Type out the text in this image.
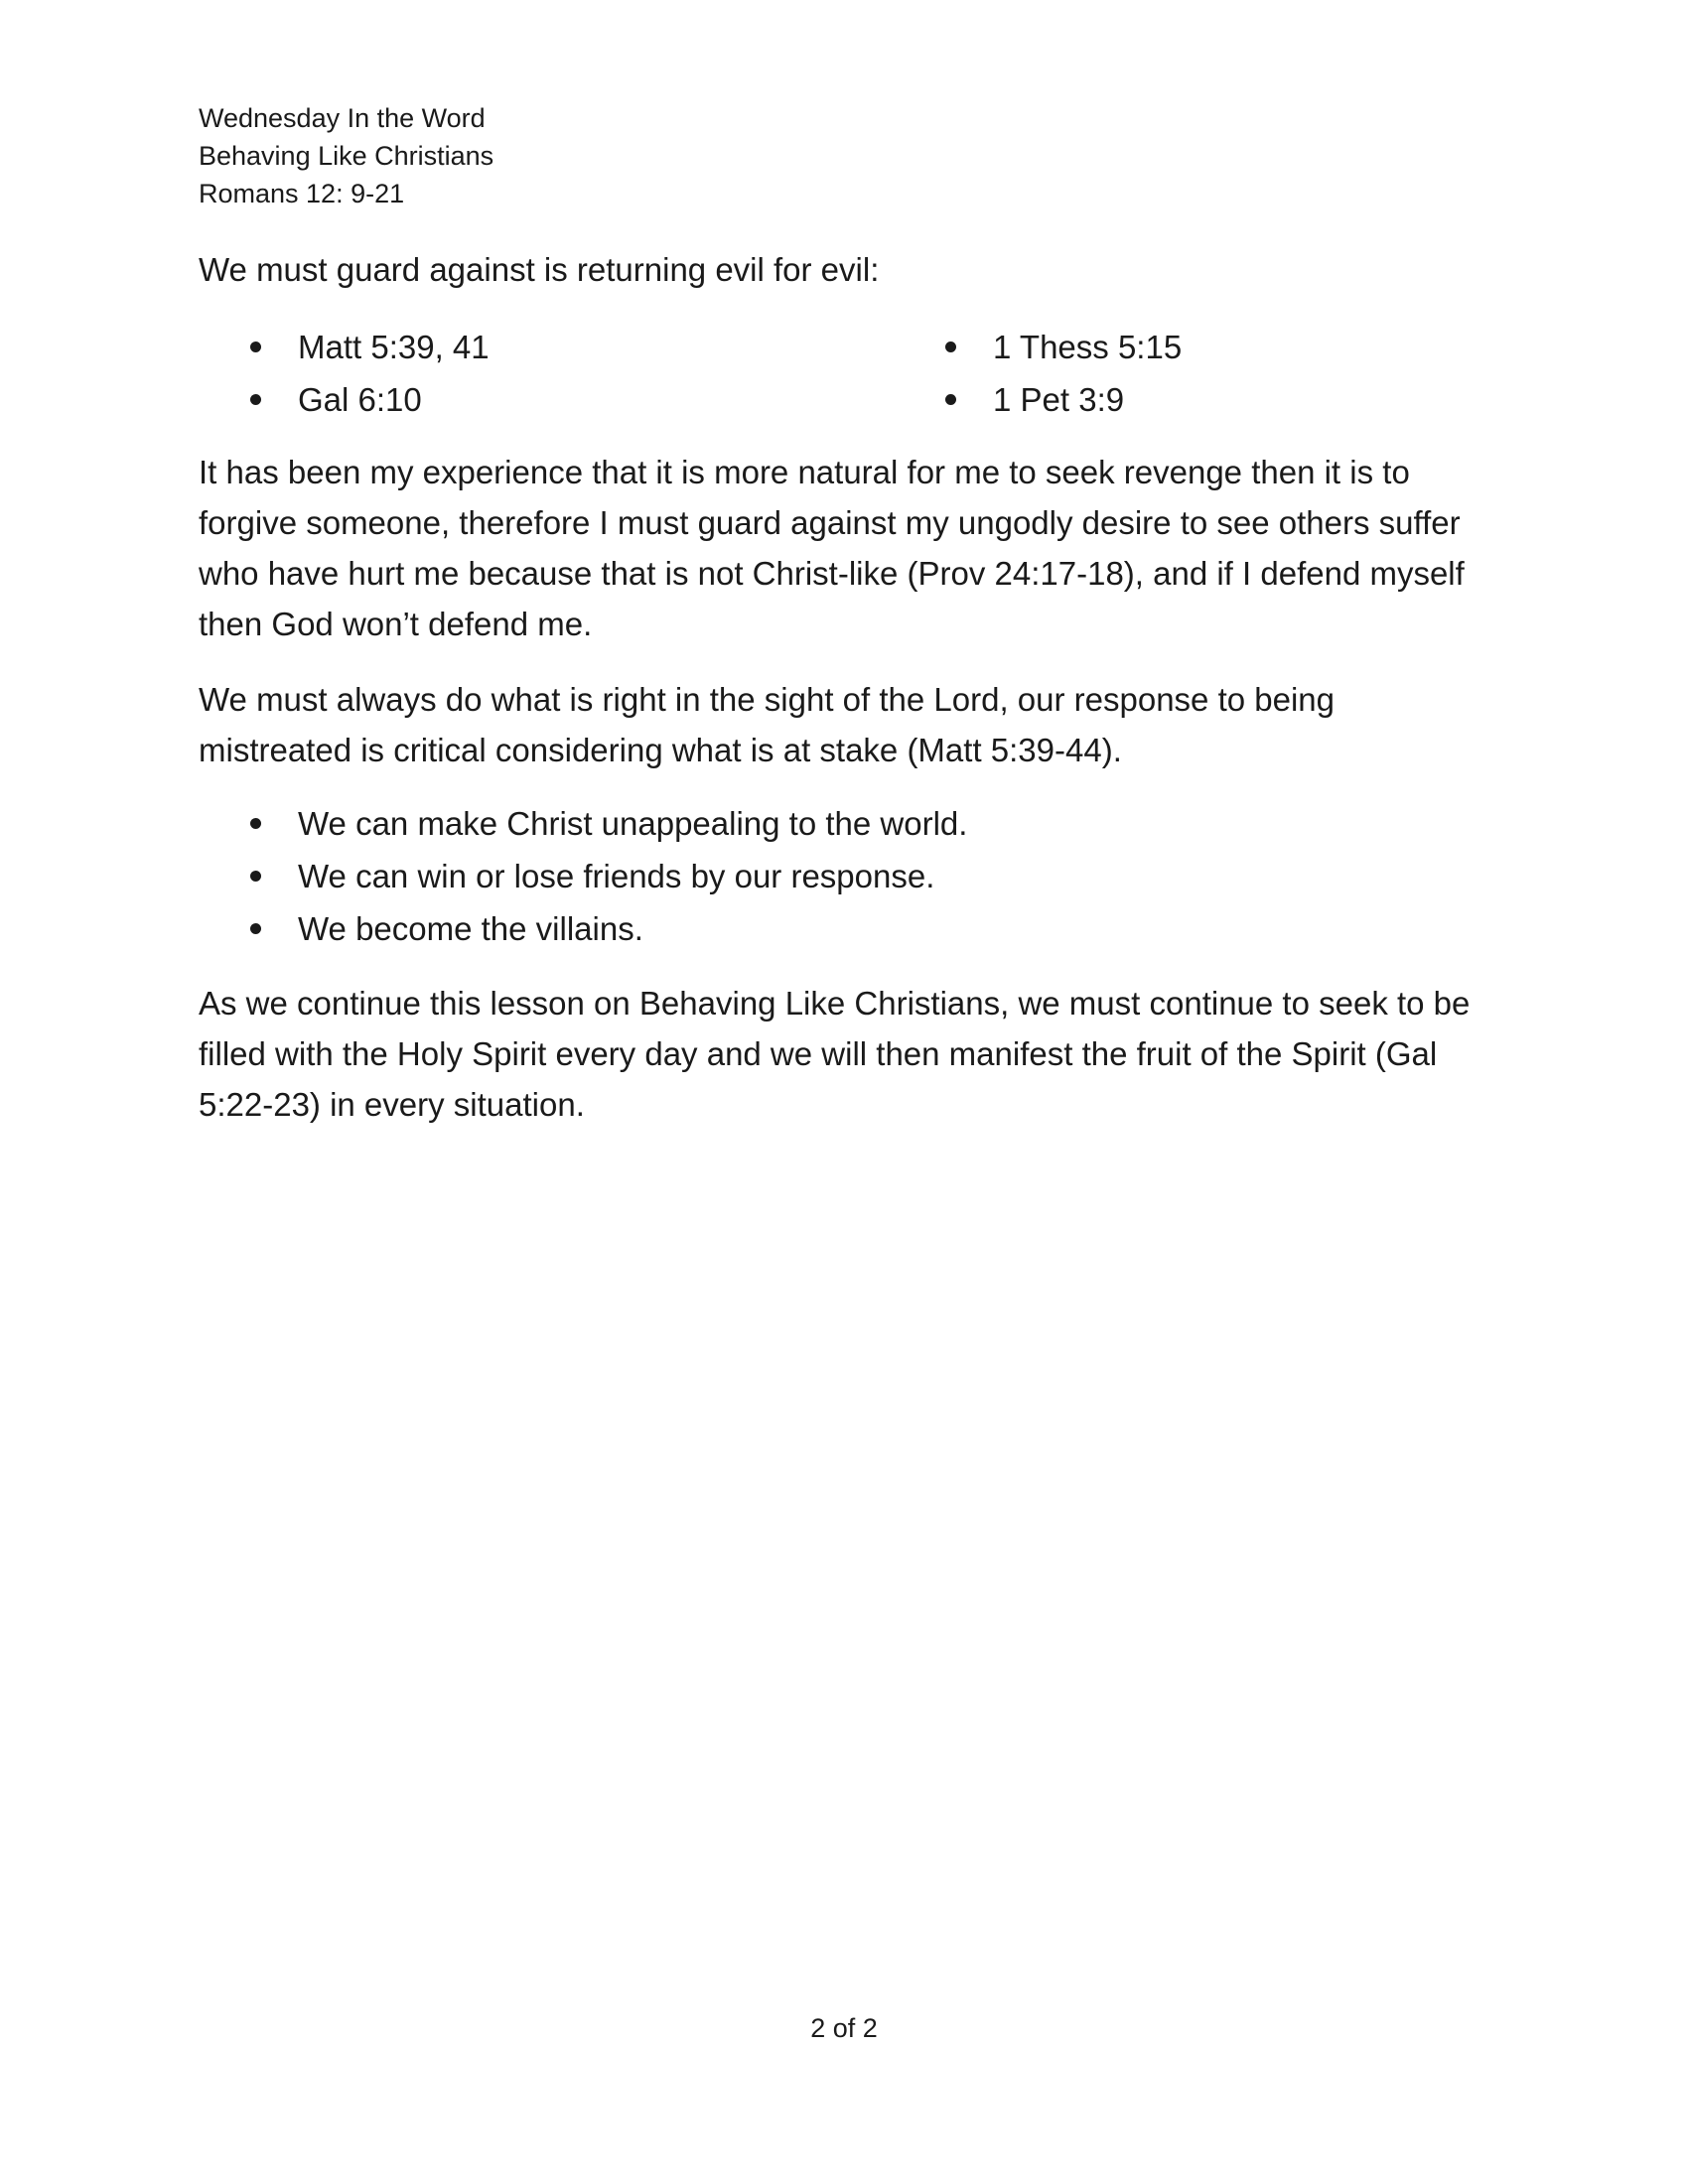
Wednesday In the Word
Behaving Like Christians
Romans 12: 9-21

We must guard against is returning evil for evil:

Matt 5:39, 41
Gal 6:10
1 Thess 5:15
1 Pet 3:9

It has been my experience that it is more natural for me to seek revenge then it is to forgive someone, therefore I must guard against my ungodly desire to see others suffer who have hurt me because that is not Christ-like (Prov 24:17-18), and if I defend myself then God won’t defend me.

We must always do what is right in the sight of the Lord, our response to being mistreated is critical considering what is at stake (Matt 5:39-44).

We can make Christ unappealing to the world.
We can win or lose friends by our response.
We become the villains.

As we continue this lesson on Behaving Like Christians, we must continue to seek to be filled with the Holy Spirit every day and we will then manifest the fruit of the Spirit (Gal 5:22-23) in every situation.

2 of 2
